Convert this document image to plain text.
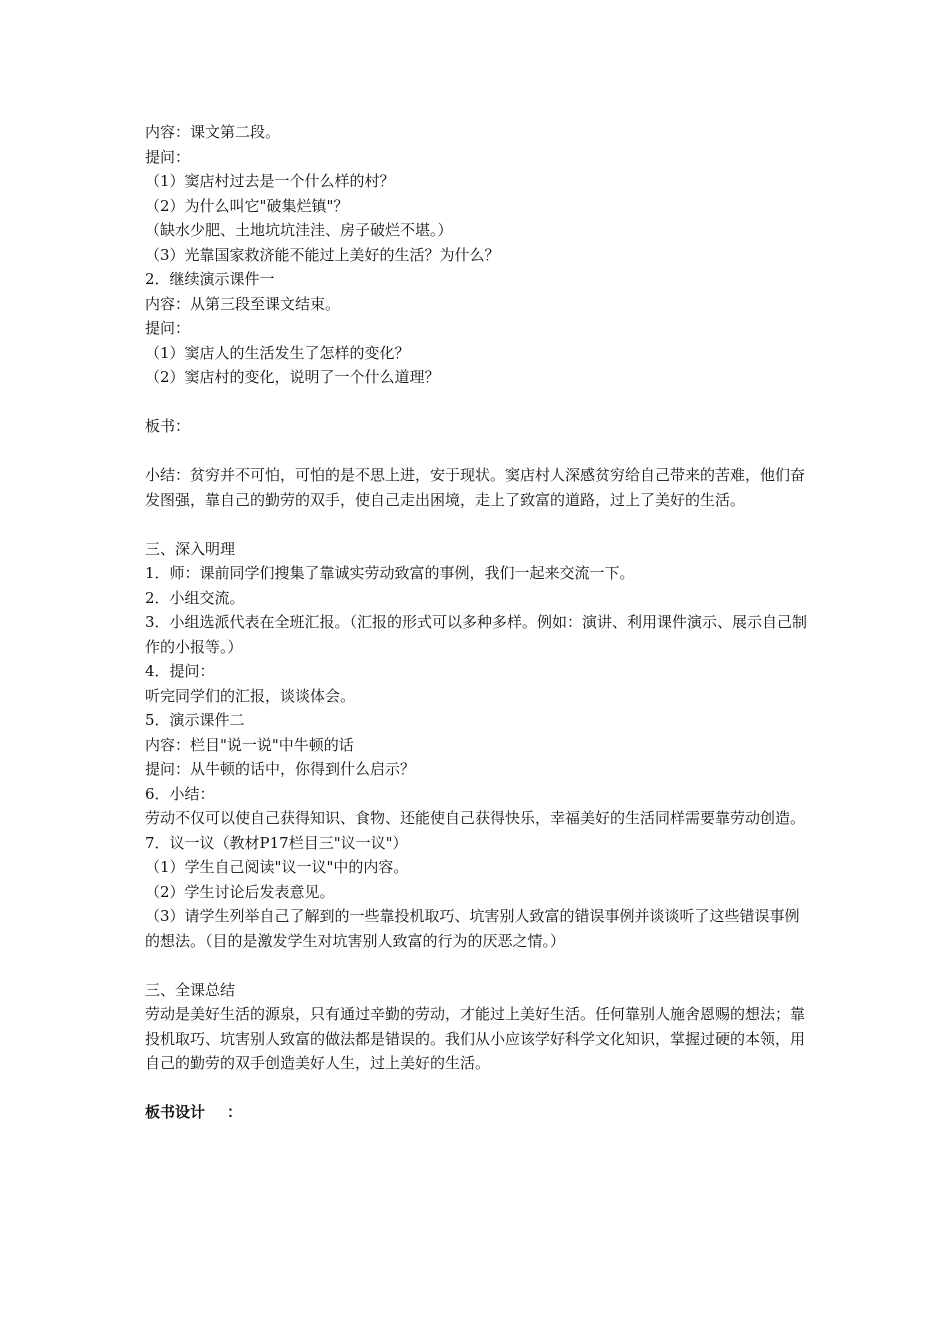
内容：课文第二段。
提问：
（1）窦店村过去是一个什么样的村？
（2）为什么叫它"破集烂镇"？
（缺水少肥、土地坑坑洼洼、房子破烂不堪。）
（3）光靠国家救济能不能过上美好的生活？为什么？
2．继续演示课件一
内容：从第三段至课文结束。
提问：
（1）窦店人的生活发生了怎样的变化？
（2）窦店村的变化，说明了一个什么道理？
板书：
小结：贫穷并不可怕，可怕的是不思上进，安于现状。窦店村人深感贫穷给自己带来的苦难，他们奋发图强，靠自己的勤劳的双手，使自己走出困境，走上了致富的道路，过上了美好的生活。
三、深入明理
1．师：课前同学们搜集了靠诚实劳动致富的事例，我们一起来交流一下。
2．小组交流。
3．小组选派代表在全班汇报。（汇报的形式可以多种多样。例如：演讲、利用课件演示、展示自己制作的小报等。）
4．提问：
听完同学们的汇报，谈谈体会。
5．演示课件二
内容：栏目"说一说"中牛顿的话
提问：从牛顿的话中，你得到什么启示？
6．小结：
劳动不仅可以使自己获得知识、食物、还能使自己获得快乐，幸福美好的生活同样需要靠劳动创造。
7．议一议（教材P17栏目三"议一议"）
（1）学生自己阅读"议一议"中的内容。
（2）学生讨论后发表意见。
（3）请学生列举自己了解到的一些靠投机取巧、坑害别人致富的错误事例并谈谈听了这些错误事例的想法。（目的是激发学生对坑害别人致富的行为的厌恶之情。）
三、全课总结
劳动是美好生活的源泉，只有通过辛勤的劳动，才能过上美好生活。任何靠别人施舍恩赐的想法；靠投机取巧、坑害别人致富的做法都是错误的。我们从小应该学好科学文化知识，掌握过硬的本领，用自己的勤劳的双手创造美好人生，过上美好的生活。
板书设计 ：
